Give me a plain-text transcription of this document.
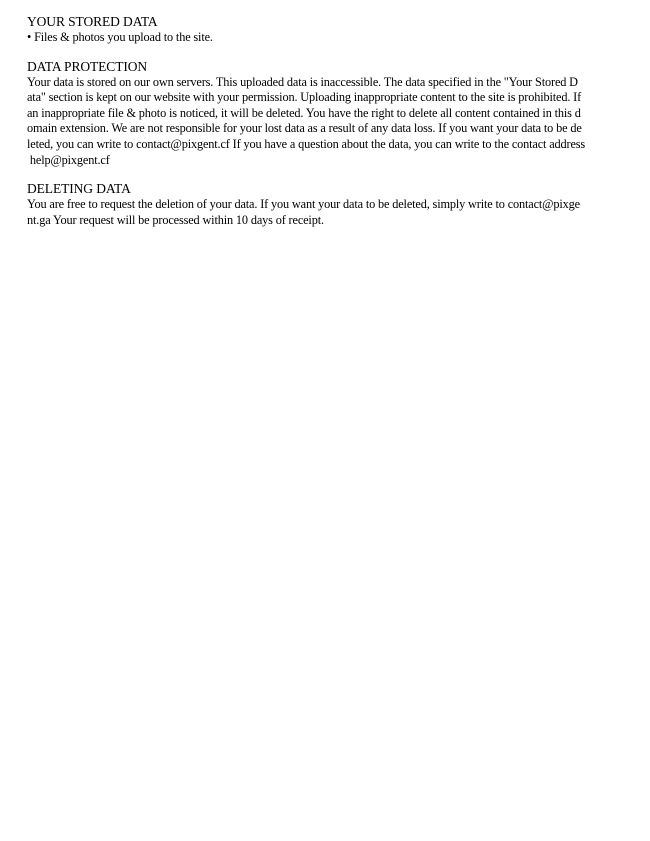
YOUR STORED DATA
• Files & photos you upload to the site.
DATA PROTECTION
Your data is stored on our own servers. This uploaded data is inaccessible. The data specified in the "Your Stored D
ata" section is kept on our website with your permission. Uploading inappropriate content to the site is prohibited. If
an inappropriate file & photo is noticed, it will be deleted. You have the right to delete all content contained in this d
omain extension. We are not responsible for your lost data as a result of any data loss. If you want your data to be de
leted, you can write to contact@pixgent.cf If you have a question about the data, you can write to the contact address
help@pixgent.cf
DELETING DATA
You are free to request the deletion of your data. If you want your data to be deleted, simply write to contact@pixge
nt.ga Your request will be processed within 10 days of receipt.
